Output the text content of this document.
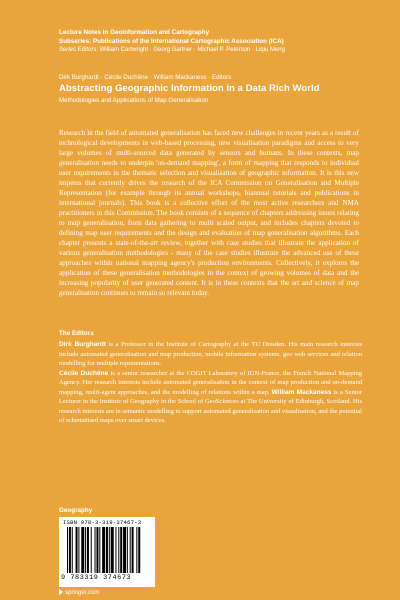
Lecture Notes in Geoinformation and Cartography
Subseries: Publications of the International Cartographic Association (ICA)
Series Editors: William Cartwright · Georg Gartner · Michael P. Peterson · Liqiu Meng
Dirk Burghardt · Cécile Duchêne · William Mackaness · Editors
Abstracting Geographic Information in a Data Rich World
Methodologies and Applications of Map Generalisation
Research in the field of automated generalisation has faced new challenges in recent years as a result of technological developments in web-based processing, new visualisation paradigms and access to very large volumes of multi-sourced data generated by sensors and humans. In these contexts, map generalisation needs to underpin 'on-demand mapping', a form of mapping that responds to individual user requirements in the thematic selection and visualisation of geographic information. It is this new impetus that currently drives the research of the ICA Commission on Generalisation and Multiple Representation (for example through its annual workshops, biannual tutorials and publications in international journals). This book is a collective effort of the most active researchers and NMA practitioners in this Commission. The book consists of a sequence of chapters addressing issues relating to map generalisation, from data gathering to multi scaled output, and includes chapters devoted to defining map user requirements and the design and evaluation of map generalisation algorithms. Each chapter presents a state-of-the-art review, together with case studies that illustrate the application of various generalisation methodologies - many of the case studies illustrate the advanced use of these approaches within national mapping agency's production environments. Collectively, it explores the application of these generalisation methodologies in the context of growing volumes of data and the increasing popularity of user generated content. It is in these contexts that the art and science of map generalisation continues to remain so relevant today.
The Editors
Dirk Burghardt is a Professor in the Institute of Cartography at the TU Dresden. His main research interests include automated generalisation and map production, mobile information systems, geo web services and relation modelling for multiple representations.
Cécile Duchêne is a senior researcher at the COGIT Laboratory of IGN-France, the French National Mapping Agency. Her research interests include automated generalisation in the context of map production and on-demand mapping, multi-agent approaches, and the modelling of relations within a map. William Mackaness is a Senior Lecturer in the Institute of Geography in the School of GeoSciences at The University of Edinburgh, Scotland. His research interests are in semantic modelling to support automated generalisation and visualisation, and the potential of schematised maps over smart devices.
Geography
ISBN 978-3-319-37467-3
9 783319 374673
springer.com
